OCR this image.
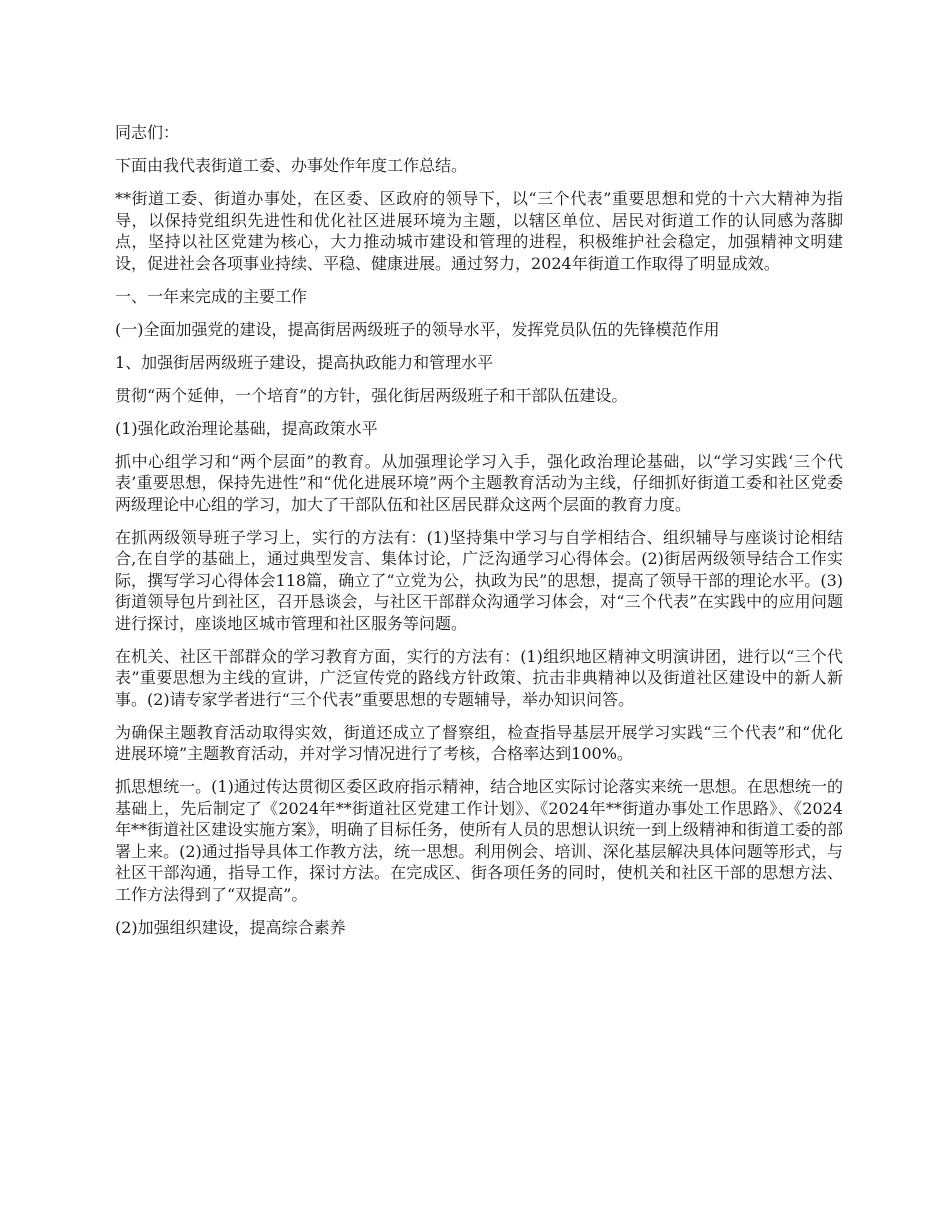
同志们：

下面由我代表街道工委、办事处作年度工作总结。

**街道工委、街道办事处，在区委、区政府的领导下，以“三个代表”重要思想和党的十六大精神为指导，以保持党组织先进性和优化社区进展环境为主题，以辖区单位、居民对街道工作的认同感为落脚点，坚持以社区党建为核心，大力推动城市建设和管理的进程，积极维护社会稳定，加强精神文明建设，促进社会各项事业持续、平稳、健康进展。通过努力，2024年街道工作取得了明显成效。

一、一年来完成的主要工作

(一)全面加强党的建设，提高街居两级班子的领导水平，发挥党员队伍的先锋模范作用

1、加强街居两级班子建设，提高执政能力和管理水平

贯彻“两个延伸，一个培育”的方针，强化街居两级班子和干部队伍建设。

(1)强化政治理论基础，提高政策水平

抓中心组学习和“两个层面”的教育。从加强理论学习入手，强化政治理论基础，以“学习实践‘三个代表’重要思想，保持先进性”和“优化进展环境”两个主题教育活动为主线，仔细抓好街道工委和社区党委两级理论中心组的学习，加大了干部队伍和社区居民群众这两个层面的教育力度。

在抓两级领导班子学习上，实行的方法有：(1)坚持集中学习与自学相结合、组织辅导与座谈讨论相结合,在自学的基础上，通过典型发言、集体讨论，广泛沟通学习心得体会。(2)街居两级领导结合工作实际，撰写学习心得体会118篇，确立了“立党为公，执政为民”的思想，提高了领导干部的理论水平。(3)街道领导包片到社区，召开恳谈会，与社区干部群众沟通学习体会，对“三个代表”在实践中的应用问题进行探讨，座谈地区城市管理和社区服务等问题。

在机关、社区干部群众的学习教育方面，实行的方法有：(1)组织地区精神文明演讲团，进行以“三个代表”重要思想为主线的宣讲，广泛宣传党的路线方针政策、抗击非典精神以及街道社区建设中的新人新事。(2)请专家学者进行“三个代表”重要思想的专题辅导，举办知识问答。

为确保主题教育活动取得实效，街道还成立了督察组，检查指导基层开展学习实践“三个代表”和“优化进展环境”主题教育活动，并对学习情况进行了考核，合格率达到100%。

抓思想统一。(1)通过传达贯彻区委区政府指示精神，结合地区实际讨论落实来统一思想。在思想统一的基础上，先后制定了《2024年**街道社区党建工作计划》、《2024年**街道办事处工作思路》、《2024年**街道社区建设实施方案》，明确了目标任务，使所有人员的思想认识统一到上级精神和街道工委的部署上来。(2)通过指导具体工作教方法，统一思想。利用例会、培训、深化基层解决具体问题等形式，与社区干部沟通，指导工作，探讨方法。在完成区、街各项任务的同时，使机关和社区干部的思想方法、工作方法得到了“双提高”。

(2)加强组织建设，提高综合素养
